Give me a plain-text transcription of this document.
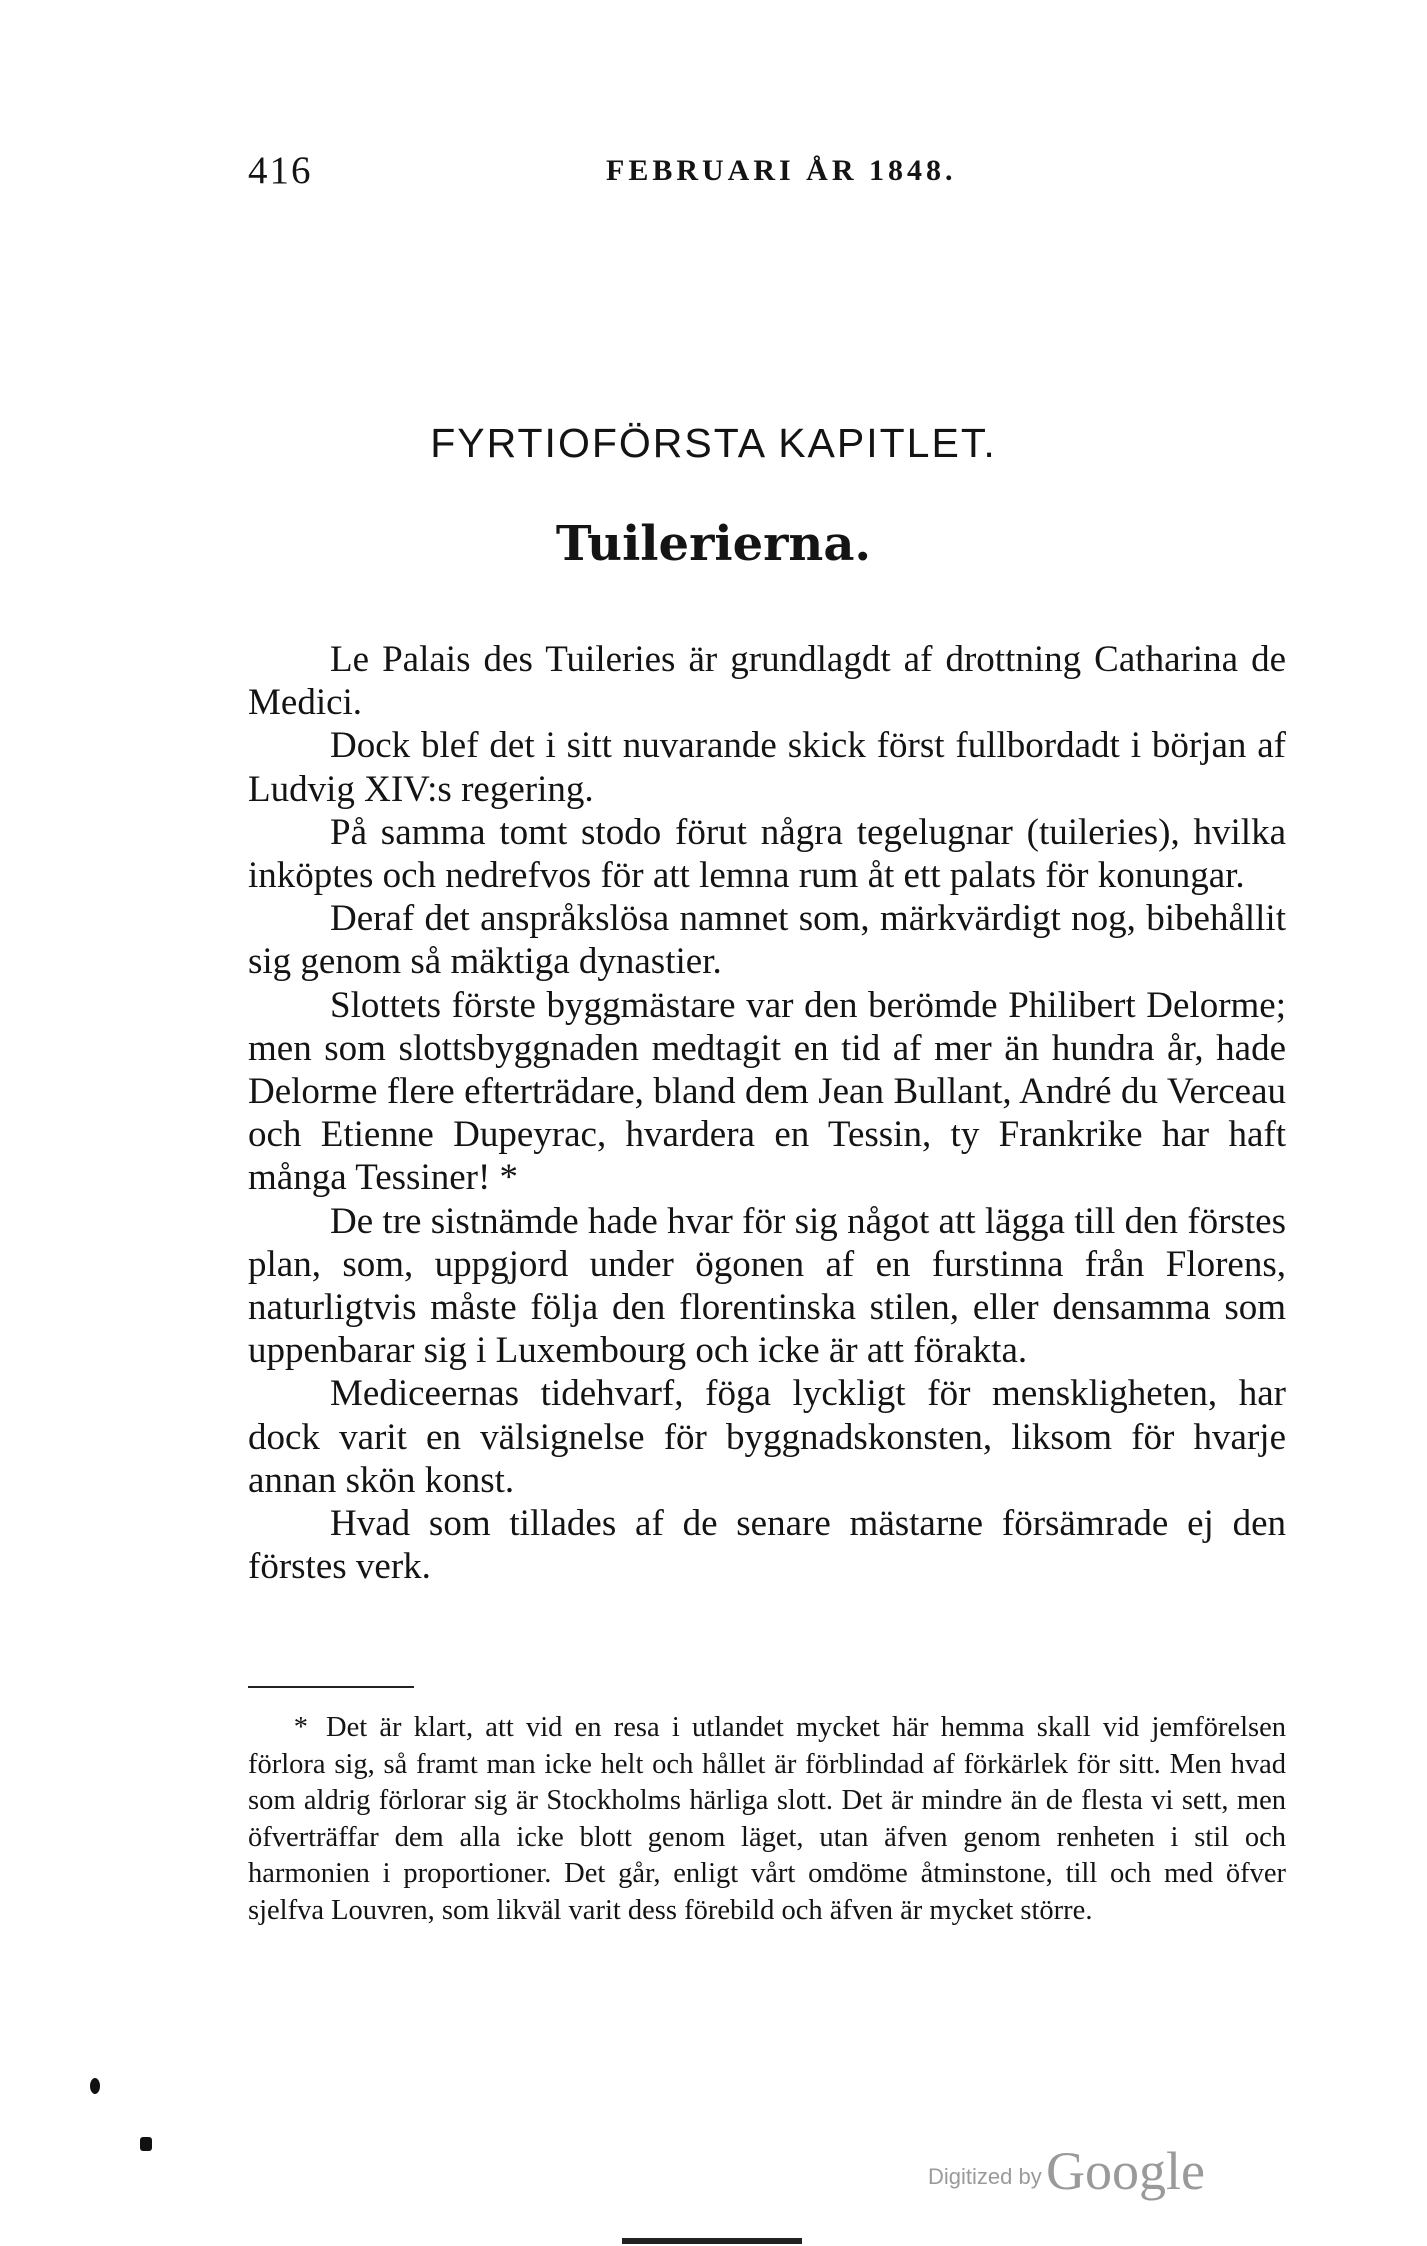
416	FEBRUARI ÅR 1848.
FYRTIOFÖRSTA KAPITLET.
Tuilerierna.

Le Palais des Tuileries är grundlagdt af drottning Catharina de Medici.

Dock blef det i sitt nuvarande skick först fullbordadt i början af Ludvig XIV:s regering.

På samma tomt stodo förut några tegelugnar (tuileries), hvilka inköptes och nedrefvos för att lemna rum åt ett palats för konungar.

Deraf det anspråkslösa namnet som, märkvärdigt nog, bibehållit sig genom så mäktiga dynastier.

Slottets förste byggmästare var den berömde Philibert Delorme; men som slottsbyggnaden medtagit en tid af mer än hundra år, hade Delorme flere efterträdare, bland dem Jean Bullant, André du Verceau och Etienne Dupeyrac, hvardera en Tessin, ty Frankrike har haft många Tessiner! *

De tre sistnämde hade hvar för sig något att lägga till den förstes plan, som, uppgjord under ögonen af en furstinna från Florens, naturligtvis måste följa den florentinska stilen, eller densamma som uppenbarar sig i Luxembourg och icke är att förakta.

Mediceernas tidehvarf, föga lyckligt för menskligheten, har dock varit en välsignelse för byggnadskonsten, liksom för hvarje annan skön konst.

Hvad som tillades af de senare mästarne försämrade ej den förstes verk.

* Det är klart, att vid en resa i utlandet mycket här hemma skall vid jemförelsen förlora sig, så framt man icke helt och hållet är förblindad af förkärlek för sitt. Men hvad som aldrig förlorar sig är Stockholms härliga slott. Det är mindre än de flesta vi sett, men öfverträffar dem alla icke blott genom läget, utan äfven genom renheten i stil och harmonien i proportioner. Det går, enligt vårt omdöme åtminstone, till och med öfver sjelfva Louvren, som likväl varit dess förebild och äfven är mycket större.
Digitized by Google
